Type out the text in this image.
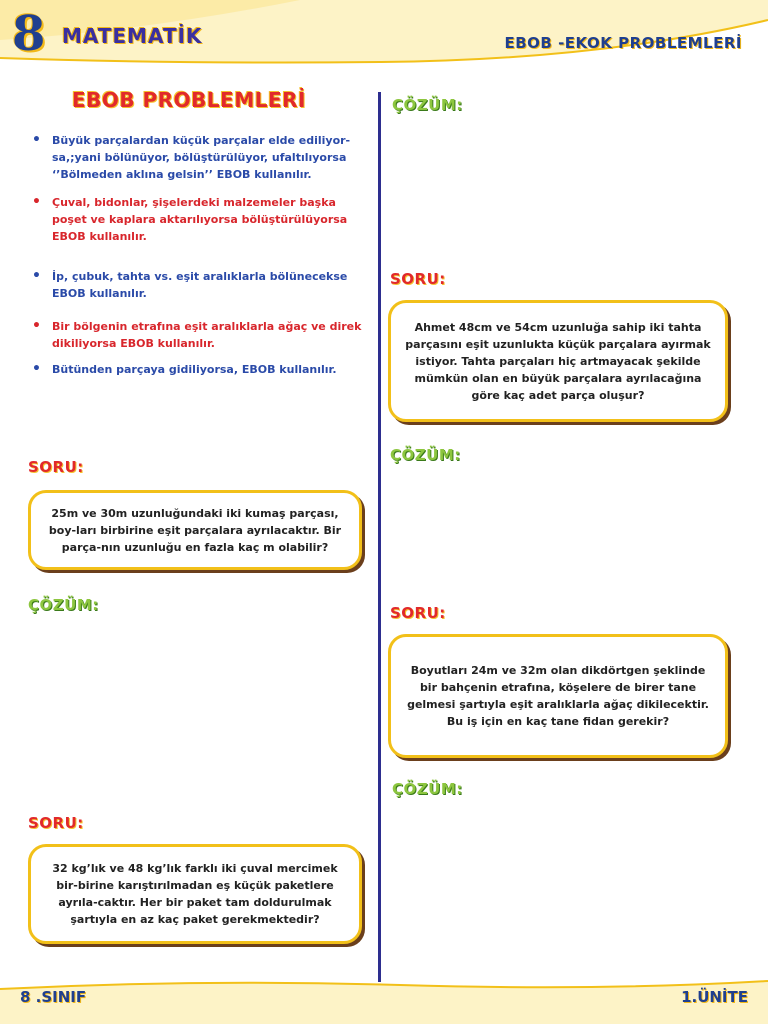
8 MATEMATİK	EBOB -EKOK PROBLEMLERİ
EBOB PROBLEMLERİ
• Büyük parçalardan küçük parçalar elde ediliyor-sa,;yani bölünüyor, bölüştürülüyor, ufaltılıyorsa ‘’Bölmeden aklına gelsin’’ EBOB kullanılır.
• Çuval, bidonlar, şişelerdeki malzemeler başka poşet ve kaplara aktarılıyorsa bölüştürülüyorsa EBOB kullanılır.
• İp, çubuk, tahta vs. eşit aralıklarla bölünecekse EBOB kullanılır.
• Bir bölgenin etrafına eşit aralıklarla ağaç ve direk dikiliyorsa EBOB kullanılır.
• Bütünden parçaya gidiliyorsa, EBOB kullanılır.
SORU:
25m ve 30m uzunluğundaki iki kumaş parçası, boy-ları birbirine eşit parçalara ayrılacaktır. Bir parça-nın uzunluğu en fazla kaç m olabilir?
ÇÖZÜM:
SORU:
32 kg’lık ve 48 kg’lık farklı iki çuval mercimek bir-birine karıştırılmadan eş küçük paketlere ayrıla-caktır. Her bir paket tam doldurulmak şartıyla en az kaç paket gerekmektedir?
ÇÖZÜM:
SORU:
Ahmet 48cm ve 54cm uzunluğa sahip iki tahta parçasını eşit uzunlukta küçük parçalara ayırmak istiyor. Tahta parçaları hiç artmayacak şekilde mümkün olan en büyük parçalara ayrılacağına göre kaç adet parça oluşur?
ÇÖZÜM:
SORU:
Boyutları 24m ve 32m olan dikdörtgen şeklinde bir bahçenin etrafına, köşelere de birer tane gelmesi şartıyla eşit aralıklarla ağaç dikilecektir. Bu iş için en kaç tane fidan gerekir?
ÇÖZÜM:
8 .SINIF	1.ÜNİTE
